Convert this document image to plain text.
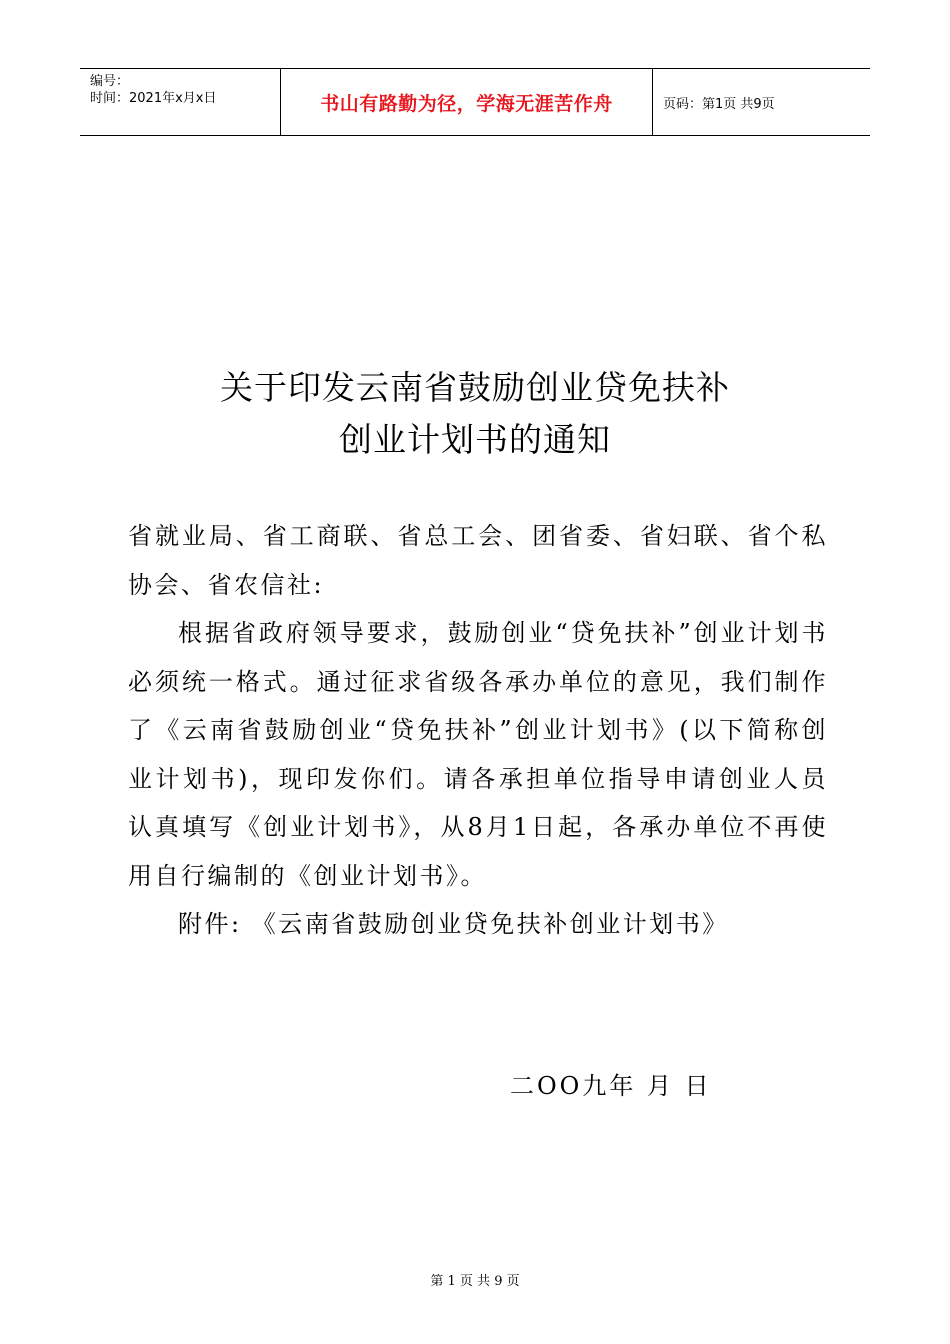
编号：
时间：2021年x月x日	书山有路勤为径，学海无涯苦作舟	页码：第1页 共9页
关于印发云南省鼓励创业贷免扶补
创业计划书的通知

省就业局、省工商联、省总工会、团省委、省妇联、省个私协会、省农信社:

根据省政府领导要求，鼓励创业“贷免扶补”创业计划书必须统一格式。通过征求省级各承办单位的意见，我们制作了《云南省鼓励创业“贷免扶补”创业计划书》(以下简称创业计划书)，现印发你们。请各承担单位指导申请创业人员认真填写《创业计划书》，从8月1日起，各承办单位不再使用自行编制的《创业计划书》。

附件: 《云南省鼓励创业贷免扶补创业计划书》

二OO九年 月 日
第 1 页 共 9 页
